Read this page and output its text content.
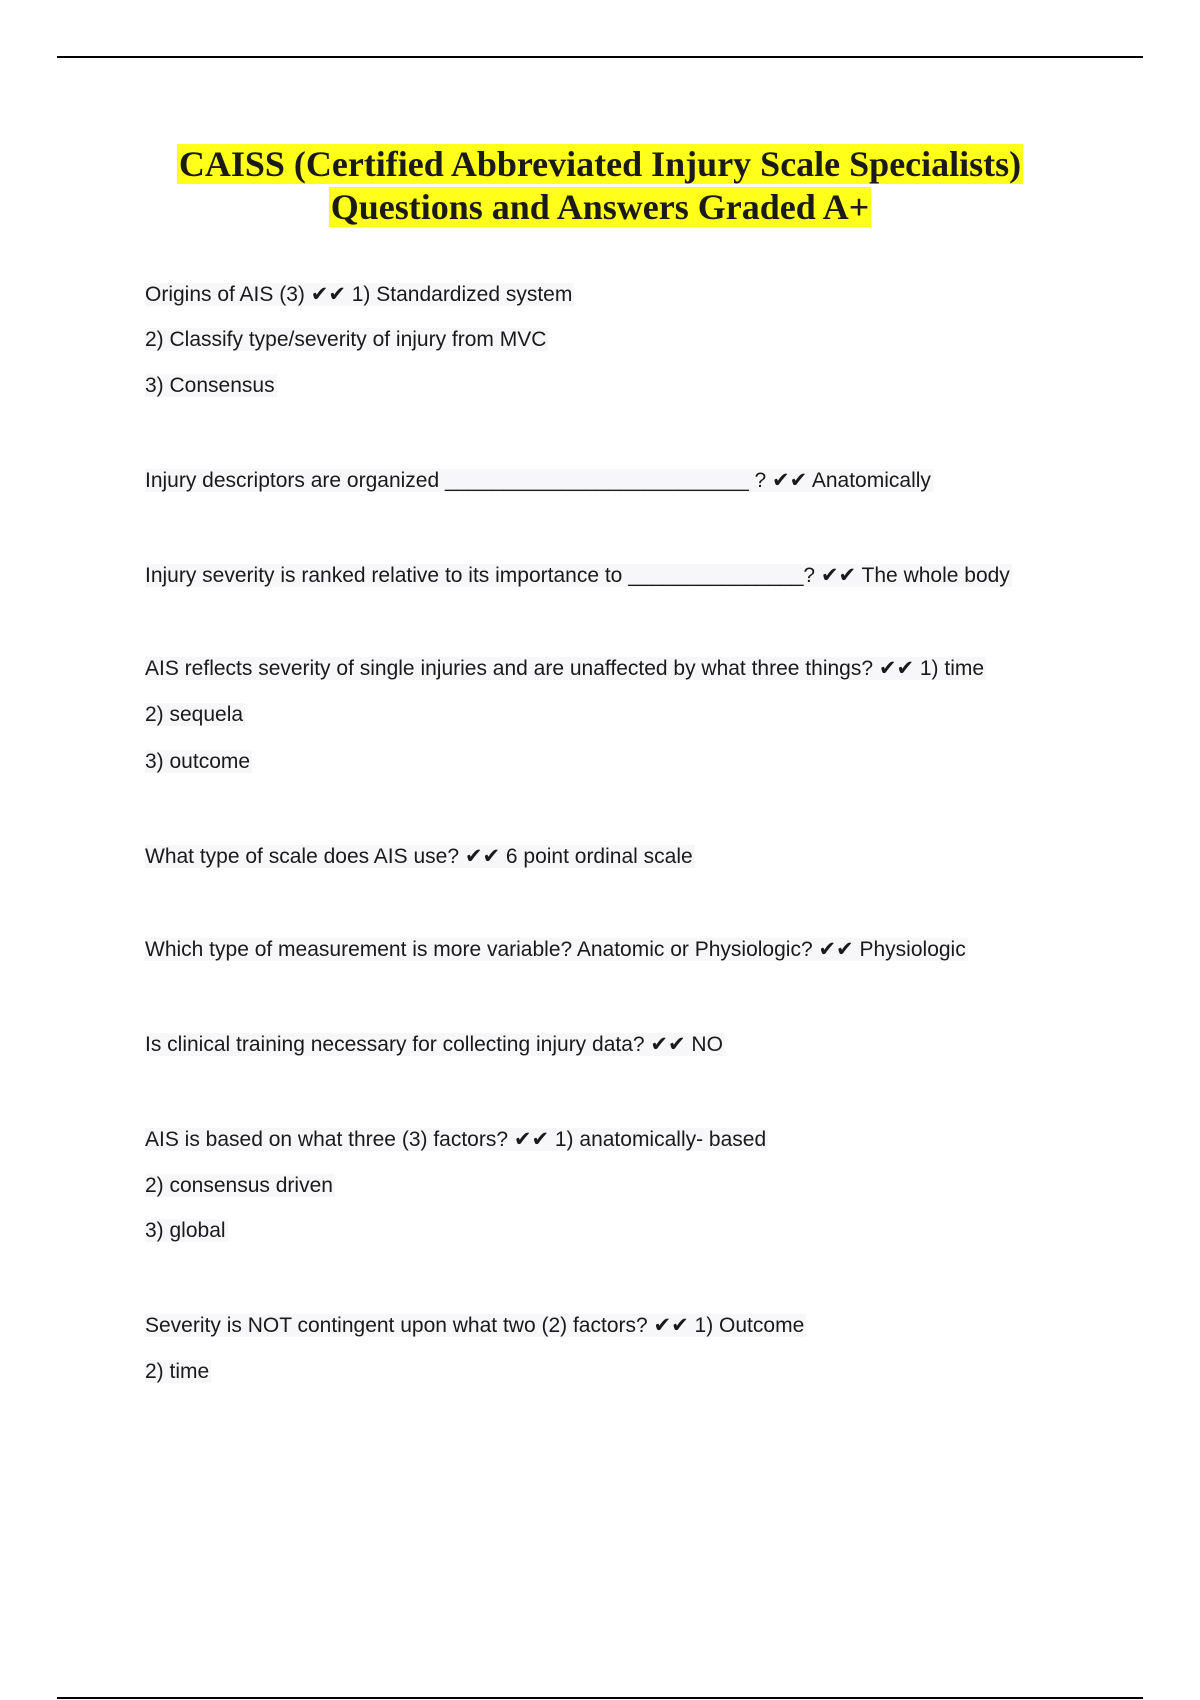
CAISS (Certified Abbreviated Injury Scale Specialists)
Questions and Answers Graded A+
Origins of AIS (3) ✔✔ 1) Standardized system
2) Classify type/severity of injury from MVC
3) Consensus
Injury descriptors are organized __________________________ ? ✔✔ Anatomically
Injury severity is ranked relative to its importance to _______________? ✔✔ The whole body
AIS reflects severity of single injuries and are unaffected by what three things? ✔✔ 1) time
2) sequela
3) outcome
What type of scale does AIS use? ✔✔ 6 point ordinal scale
Which type of measurement is more variable? Anatomic or Physiologic? ✔✔ Physiologic
Is clinical training necessary for collecting injury data? ✔✔ NO
AIS is based on what three (3) factors? ✔✔ 1) anatomically- based
2) consensus driven
3) global
Severity is NOT contingent upon what two (2) factors? ✔✔ 1) Outcome
2) time
